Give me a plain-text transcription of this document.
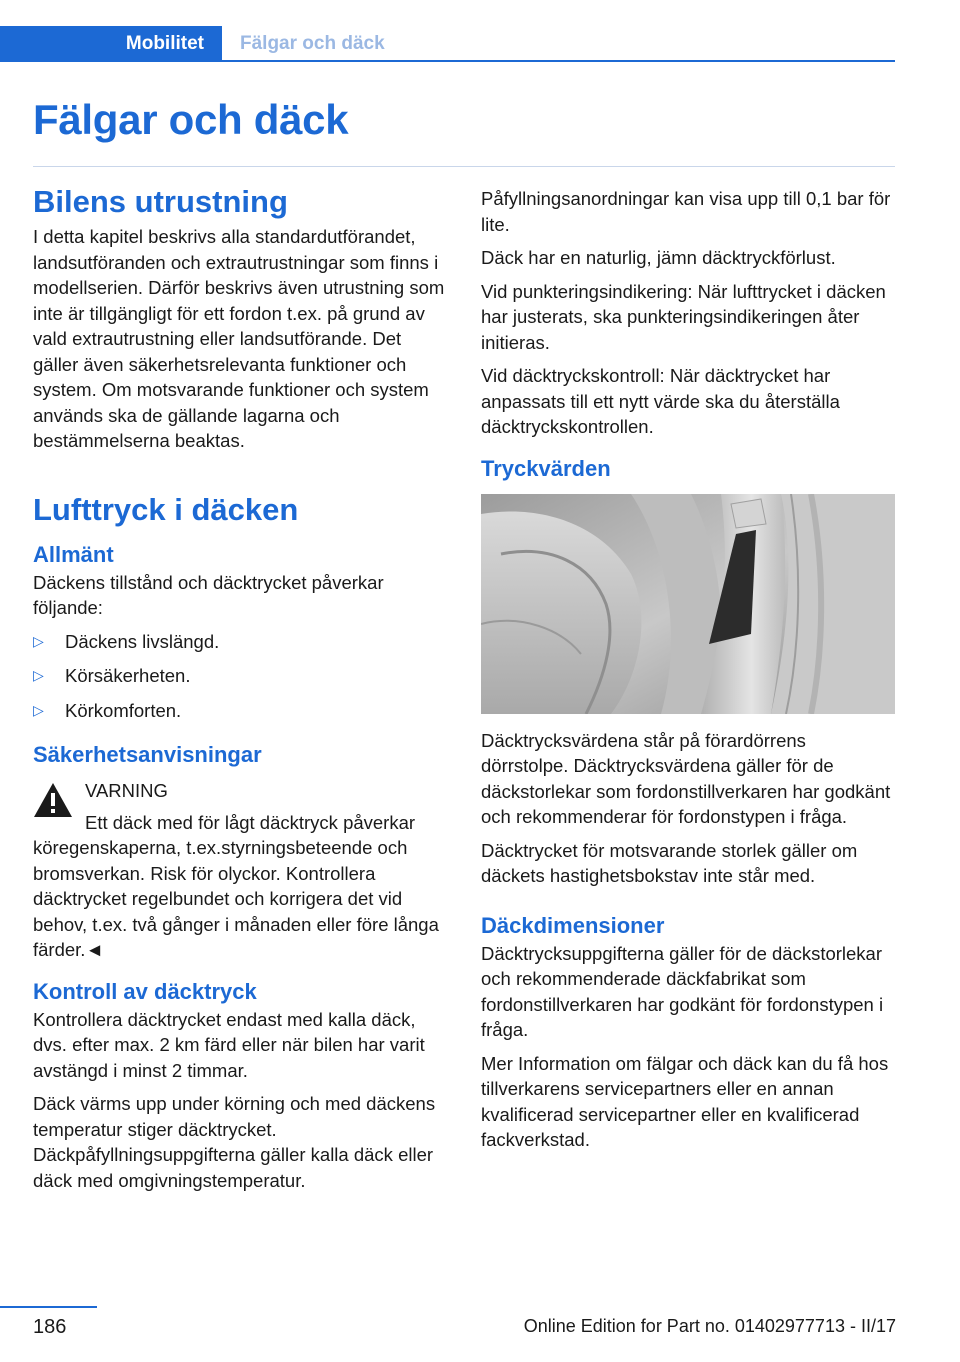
Mobilitet	Fälgar och däck
Fälgar och däck
Bilens utrustning

I detta kapitel beskrivs alla standardutförandet, landsutföranden och extrautrustningar som finns i modellserien. Därför beskrivs även utrustning som inte är tillgängligt för ett fordon t.ex. på grund av vald extrautrustning eller landsutförande. Det gäller även säkerhetsrelevanta funktioner och system. Om motsvarande funktioner och system används ska de gällande lagarna och bestämmelserna beaktas.

Lufttryck i däcken
Allmänt

Däckens tillstånd och däcktrycket påverkar följande:

▷	Däckens livslängd.
▷	Körsäkerheten.
▷	Körkomforten.
Säkerhetsanvisningar

VARNING

Ett däck med för lågt däcktryck påverkar

köregenskaperna, t.ex.styrningsbeteende och bromsverkan. Risk för olyckor. Kontrollera däcktrycket regelbundet och korrigera det vid behov, t.ex. två gånger i månaden eller före långa färder.◄

Kontroll av däcktryck

Kontrollera däcktrycket endast med kalla däck, dvs. efter max. 2 km färd eller när bilen har varit avstängd i minst 2 timmar.

Däck värms upp under körning och med däckens temperatur stiger däcktrycket. Däckpåfyllningsuppgifterna gäller kalla däck eller däck med omgivningstemperatur.

Påfyllningsanordningar kan visa upp till 0,1 bar för lite.

Däck har en naturlig, jämn däcktryckförlust.

Vid punkteringsindikering: När lufttrycket i däcken har justerats, ska punkteringsindikeringen åter initieras.

Vid däcktryckskontroll: När däcktrycket har anpassats till ett nytt värde ska du återställa däcktryckskontrollen.

Tryckvärden

Däcktrycksvärdena står på förardörrens dörrstolpe. Däcktrycksvärdena gäller för de däckstorlekar som fordonstillverkaren har godkänt och rekommenderar för fordonstypen i fråga.

Däcktrycket för motsvarande storlek gäller om däckets hastighetsbokstav inte står med.

Däckdimensioner

Däcktrycksuppgifterna gäller för de däckstorlekar och rekommenderade däckfabrikat som fordonstillverkaren har godkänt för fordonstypen i fråga.

Mer Information om fälgar och däck kan du få hos tillverkarens servicepartners eller en annan kvalificerad servicepartner eller en kvalificerad fackverkstad.

186	Online Edition for Part no. 01402977713 - II/17
